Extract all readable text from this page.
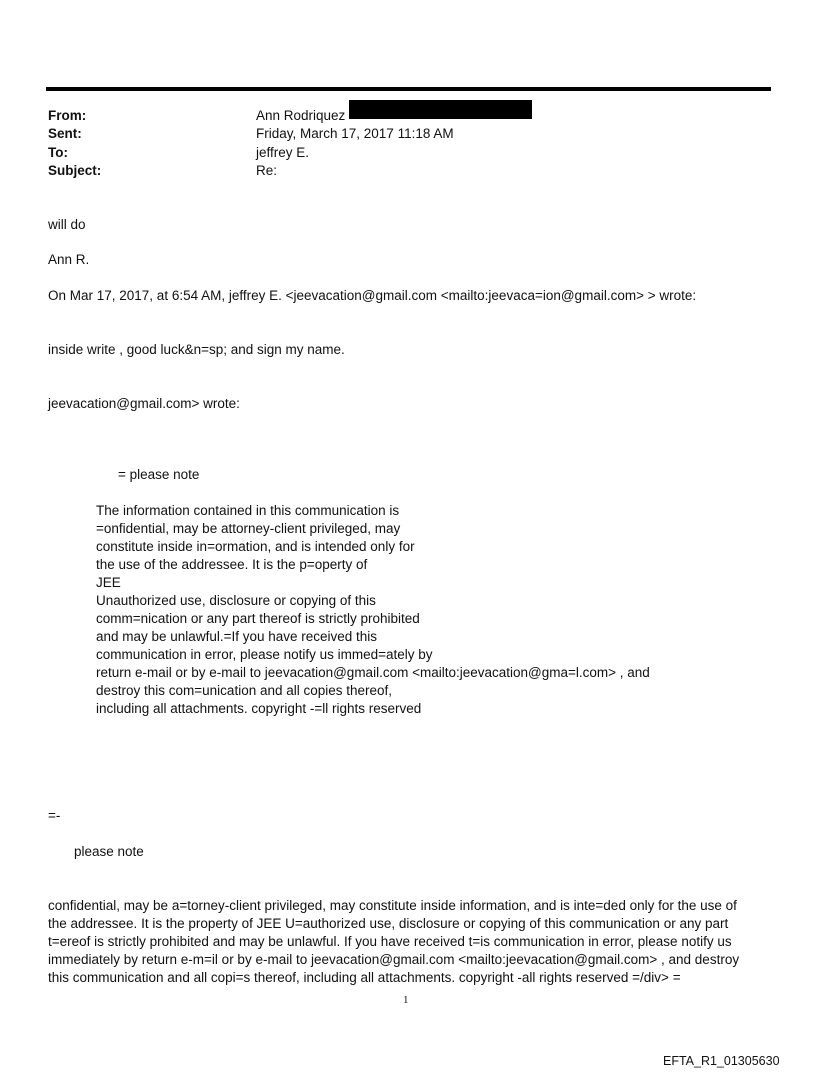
From:	Ann Rodriquez
Sent:	Friday, March 17, 2017 11:18 AM
To:	jeffrey E.
Subject:	Re:
will do
Ann R.
On Mar 17, 2017, at 6:54 AM, jeffrey E. <jeevacation@gmail.com <mailto:jeevaca=ion@gmail.com> > wrote:
inside write , good luck&n=sp; and sign my name.
jeevacation@gmail.com> wrote:
= please note
The information contained in this communication is
=onfidential, may be attorney-client privileged, may
constitute inside in=ormation, and is intended only for
the use of the addressee. It is the p=operty of
JEE
Unauthorized use, disclosure or copying of this
comm=nication or any part thereof is strictly prohibited
and may be unlawful.=If you have received this
communication in error, please notify us immed=ately by
return e-mail or by e-mail to jeevacation@gmail.com <mailto:jeevacation@gma=l.com> , and
destroy this com=unication and all copies thereof,
including all attachments. copyright -=ll rights reserved
=-
please note
confidential, may be a=torney-client privileged, may constitute inside information, and is inte=ded only for the use of
the addressee. It is the property of JEE U=authorized use, disclosure or copying of this communication or any part
t=ereof is strictly prohibited and may be unlawful. If you have received t=is communication in error, please notify us
immediately by return e-m=il or by e-mail to jeevacation@gmail.com <mailto:jeevacation@gmail.com> , and destroy
this communication and all copi=s thereof, including all attachments. copyright -all rights reserved =/div> =
1
EFTA_R1_01305630
